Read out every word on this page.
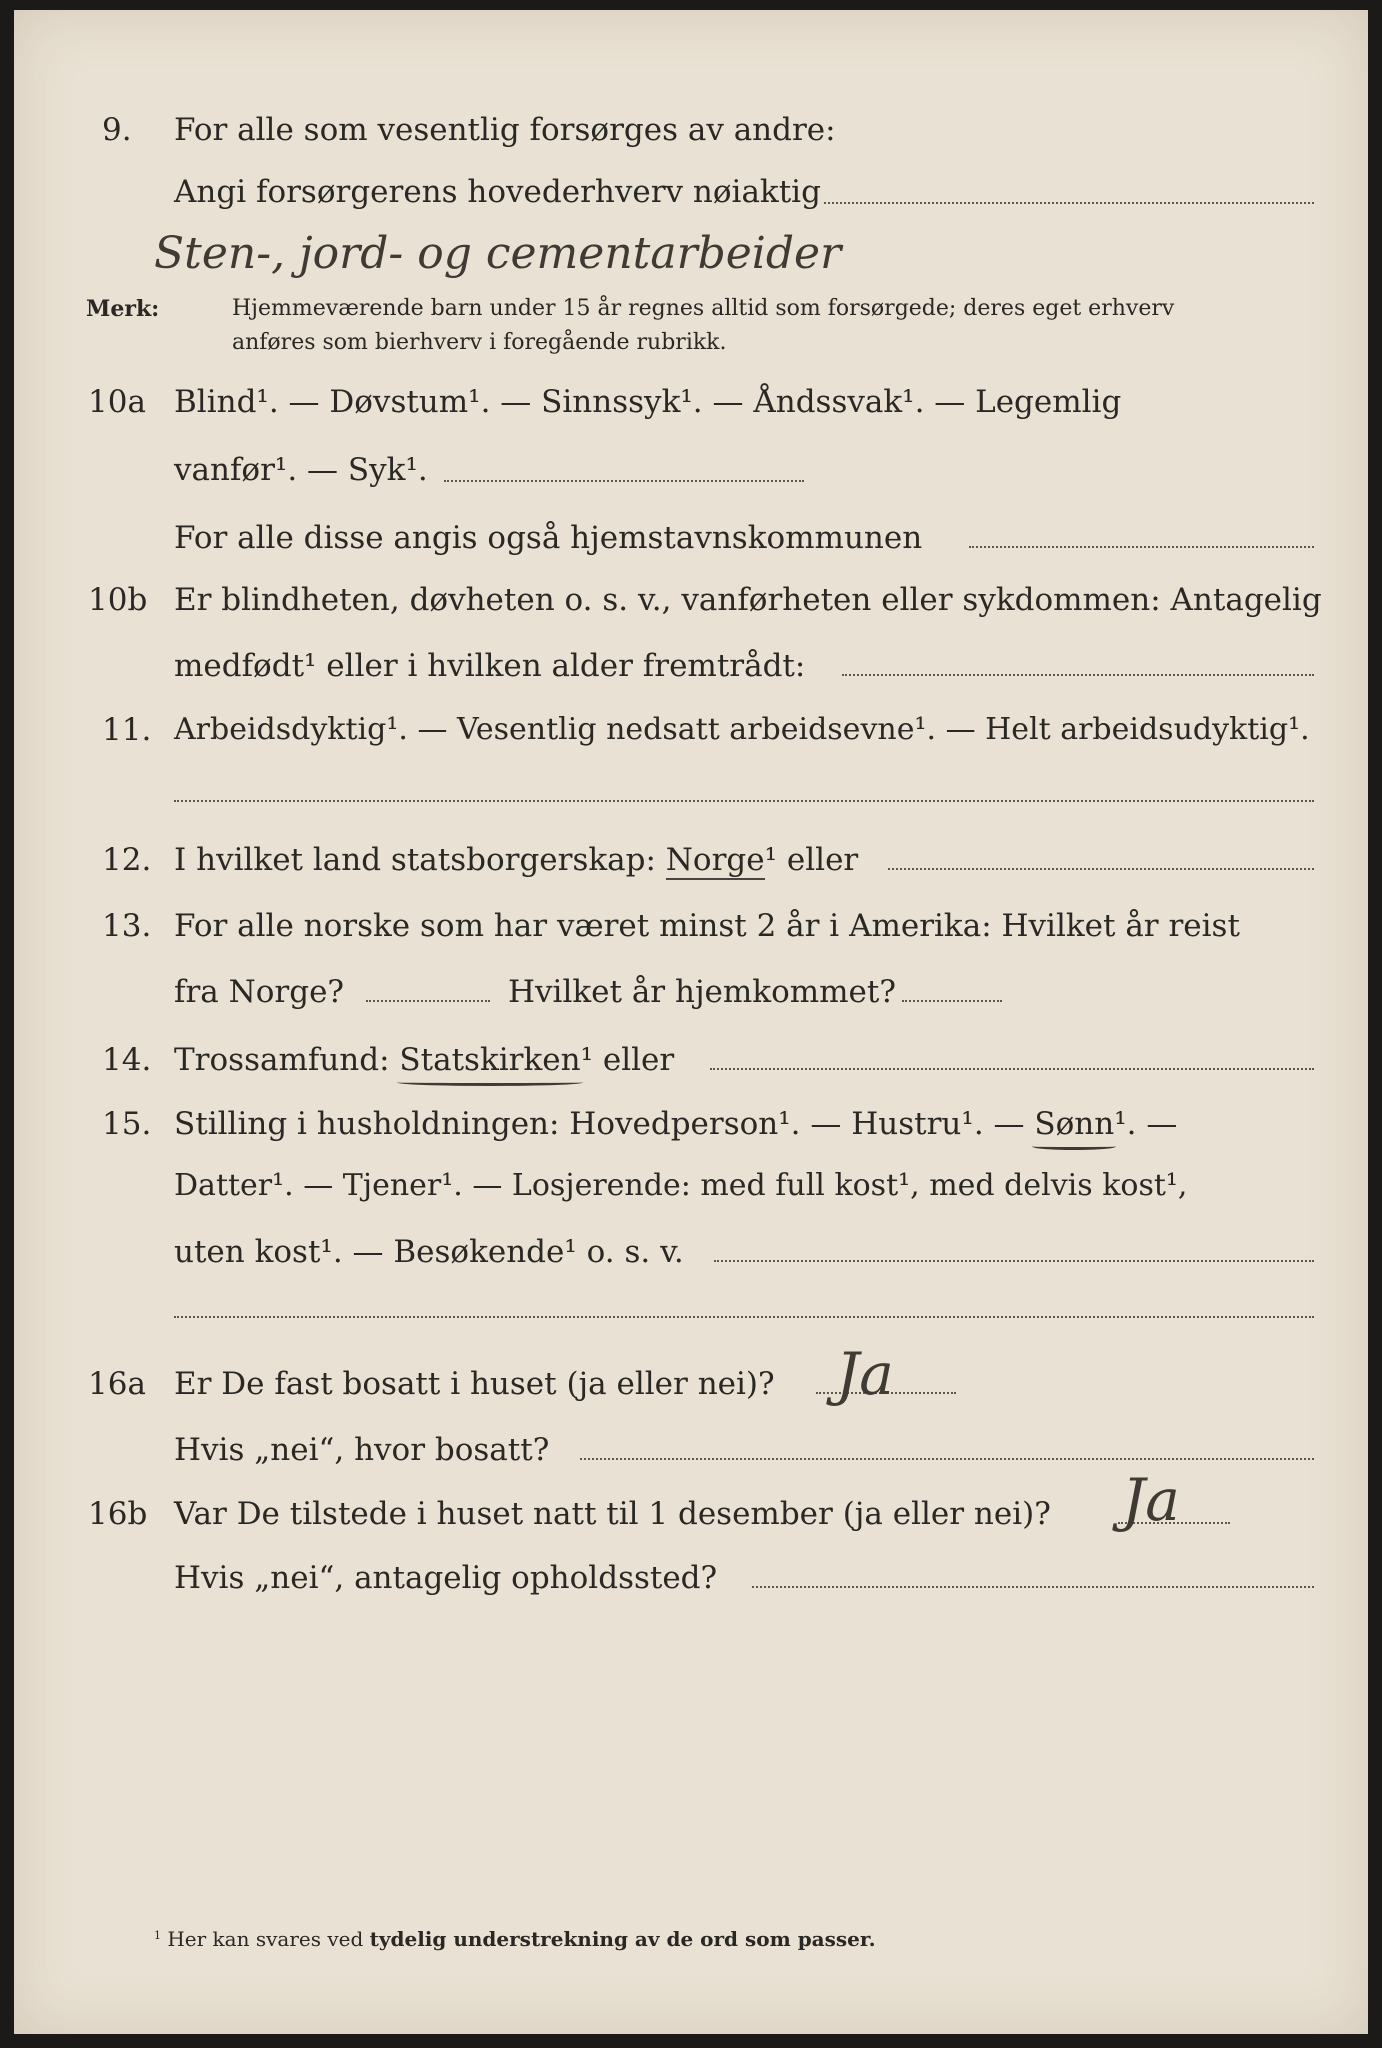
9. For alle som vesentlig forsørges av andre:
Angi forsørgerens hovederhverv nøiaktig
Sten-, jord- og cementarbeider
Merk:	Hjemmeværende barn under 15 år regnes alltid som forsørgede; deres eget erhverv
anføres som bierhverv i foregående rubrikk.
10a Blind¹. — Døvstum¹. — Sinnssyk¹. — Åndssvak¹. — Legemlig
vanfør¹. — Syk¹.
For alle disse angis også hjemstavnskommunen
10b Er blindheten, døvheten o. s. v., vanførheten eller sykdommen: Antagelig
medfødt¹ eller i hvilken alder fremtrådt:
11. Arbeidsdyktig¹. — Vesentlig nedsatt arbeidsevne¹. — Helt arbeidsudyktig¹.
12. I hvilket land statsborgerskap: Norge¹ eller
13. For alle norske som har været minst 2 år i Amerika: Hvilket år reist
fra Norge?	Hvilket år hjemkommet?
14. Trossamfund: Statskirken¹ eller
15. Stilling i husholdningen: Hovedperson¹. — Hustru¹. — Sønn¹. —
Datter¹. — Tjener¹. — Losjerende: med full kost¹, med delvis kost¹,
uten kost¹. — Besøkende¹ o. s. v.
16a Er De fast bosatt i huset (ja eller nei)? Ja
Hvis „nei“, hvor bosatt?
16b Var De tilstede i huset natt til 1 desember (ja eller nei)? Ja
Hvis „nei“, antagelig opholdssted?
$^1$ Her kan svares ved tydelig understrekning av de ord som passer.
